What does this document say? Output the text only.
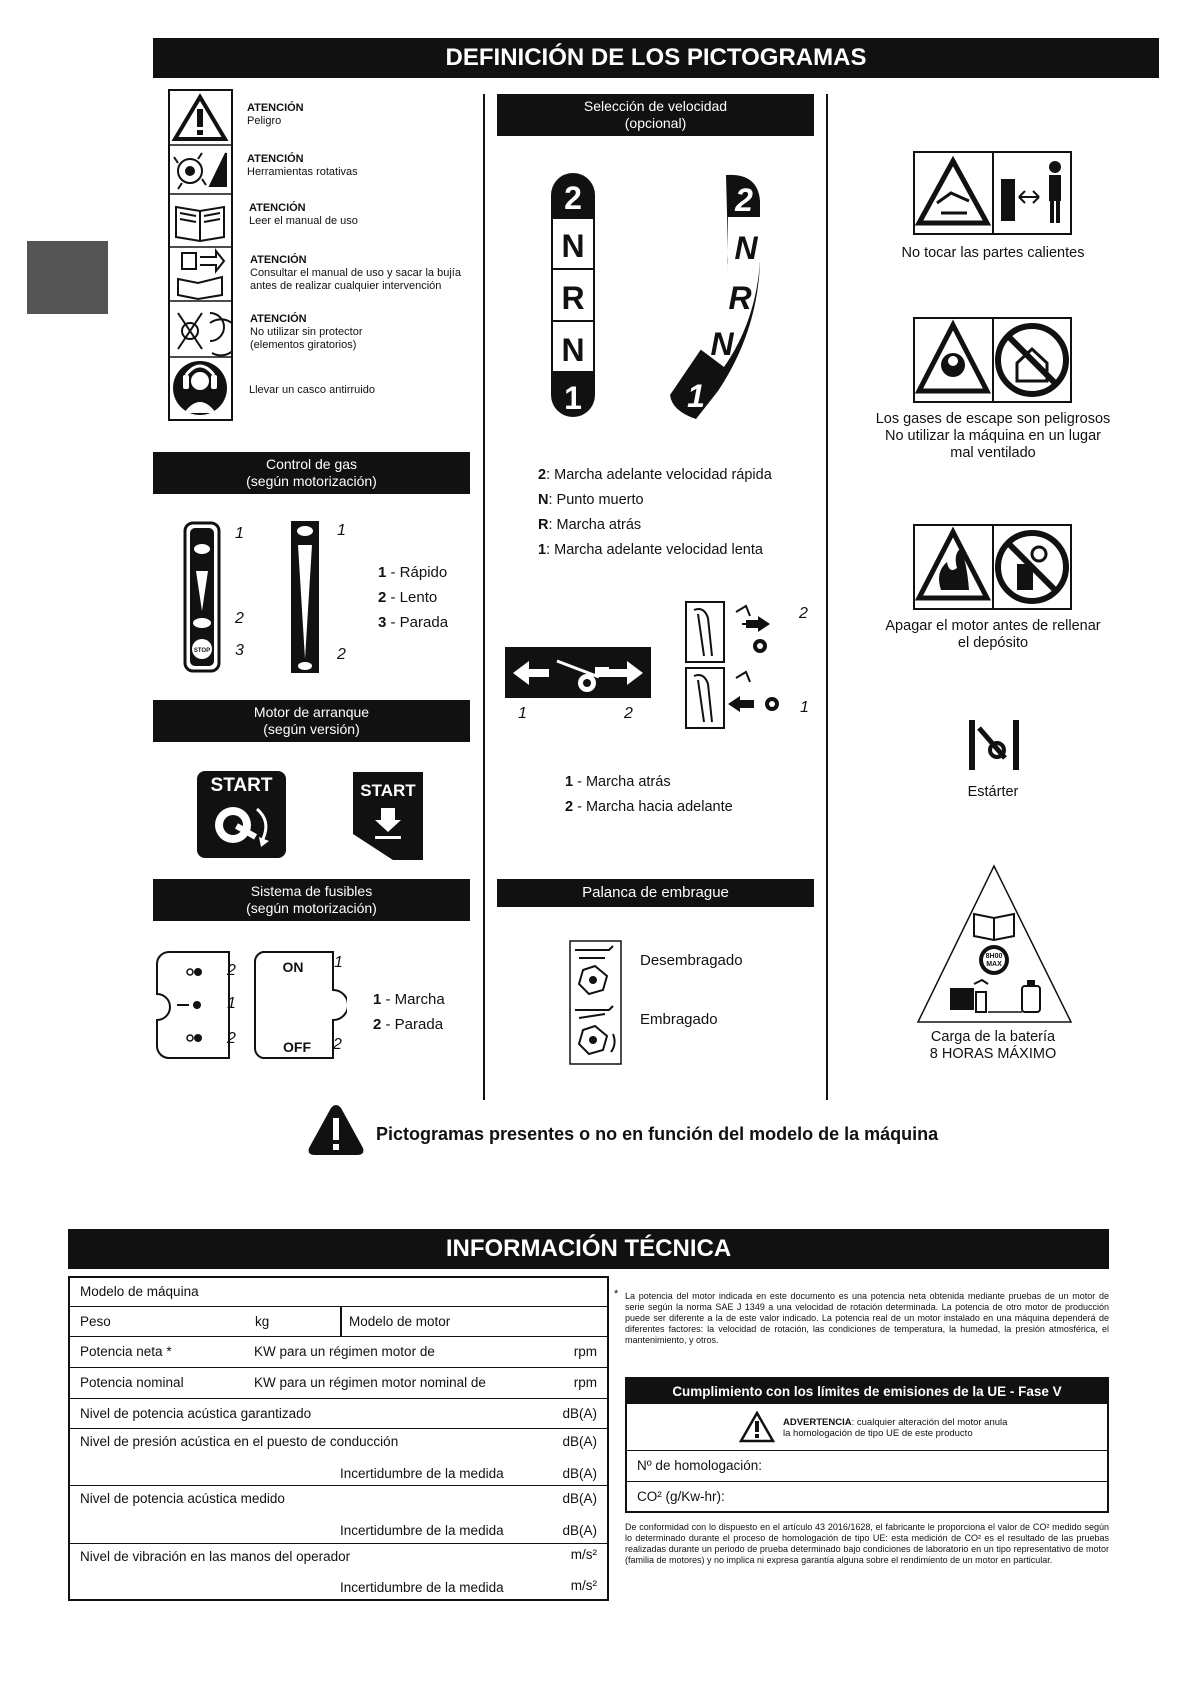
DEFINICIÓN DE LOS PICTOGRAMAS
ATENCIÓN
Peligro
ATENCIÓN
Herramientas rotativas
ATENCIÓN
Leer el manual de uso
ATENCIÓN
Consultar el manual de uso y sacar la bujía
antes de realizar cualquier intervención
ATENCIÓN
No utilizar sin protector
(elementos giratorios)
Llevar un casco antirruido
Control de gas
(según motorización)
STOP
1
2
3
1
2
1 - Rápido
2 - Lento
3 - Parada
Motor de arranque
(según versión)
START	START
Sistema de fusibles
(según motorización)
ON
OFF
2
1
2
1
2
1 - Marcha
2 - Parada
Selección de velocidad
(opcional)
2
N
R
N
1
2
N
R
N
1
2: Marcha adelante velocidad rápida
N: Punto muerto
R: Marcha atrás
1: Marcha adelante velocidad lenta
1	2
2
1
1 - Marcha atrás
2 - Marcha hacia adelante
Palanca de embrague
Desembragado
Embragado
No tocar las partes calientes
Los gases de escape son peligrosos
No utilizar la máquina en un lugar
mal ventilado
Apagar el motor antes de rellenar
el depósito
Estárter
8H00
MAX
Carga de la batería
8 HORAS MÁXIMO
Pictogramas presentes o no en función del modelo de la máquina
INFORMACIÓN TÉCNICA
Modelo de máquina
Peso	kg	Modelo de motor
Potencia neta *	KW para un régimen motor de	rpm
Potencia nominal	KW para un régimen motor nominal de	rpm
Nivel de potencia acústica garantizado	dB(A)
Nivel de presión acústica en el puesto de conducción	dB(A)
Incertidumbre de la medida	dB(A)
Nivel de potencia acústica medido	dB(A)
Incertidumbre de la medida	dB(A)
Nivel de vibración en las manos del operador	m/s²
Incertidumbre de la medida	m/s²
* La potencia del motor indicada en este documento es una potencia neta obtenida mediante pruebas de un motor de serie según la norma SAE J 1349 a una velocidad de rotación determinada. La potencia de otro motor de producción puede ser diferente a la de este valor indicado. La potencia real de un motor instalado en una máquina dependerá de diferentes factores: la velocidad de rotación, las condiciones de temperatura, la humedad, la presión atmosférica, el mantenimiento, y otros.
Cumplimiento con los límites de emisiones de la UE - Fase V
ADVERTENCIA: cualquier alteración del motor anula
la homologación de tipo UE de este producto
Nº de homologación:
CO² (g/Kw-hr):
De conformidad con lo dispuesto en el artículo 43 2016/1628, el fabricante le proporciona el valor de CO² medido según lo determinado durante el proceso de homologación de tipo UE: esta medición de CO² es el resultado de las pruebas realizadas durante un periodo de prueba determinado bajo condiciones de laboratorio en un tipo representativo de motor (familia de motores) y no implica ni expresa garantía alguna sobre el rendimiento de un motor en particular.
